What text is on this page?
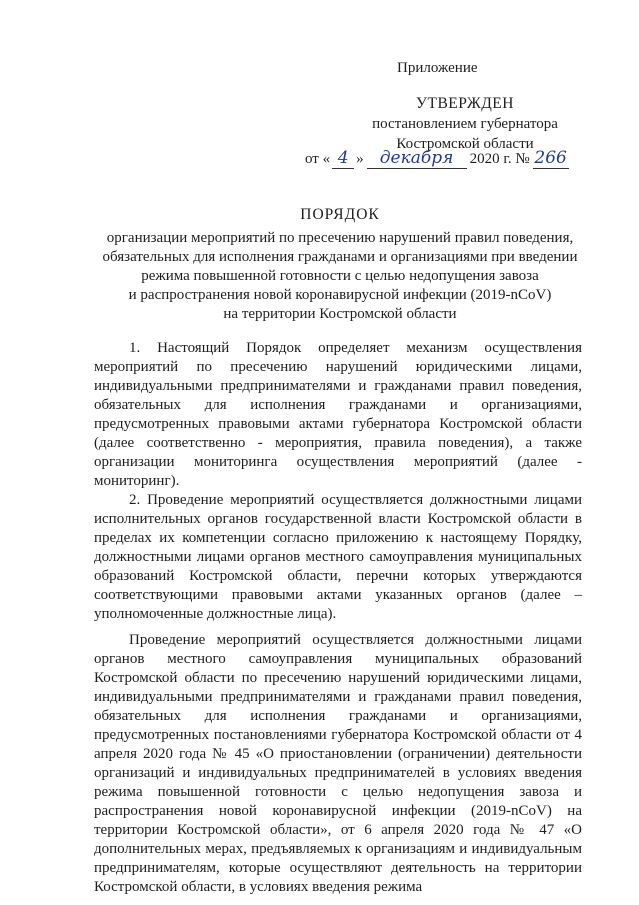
Приложение
УТВЕРЖДЕН
постановлением губернатора
Костромской области
от « 4 » декабря 2020 г. № 266
ПОРЯДОК
организации мероприятий по пресечению нарушений правил поведения,
обязательных для исполнения гражданами и организациями при введении
режима повышенной готовности с целью недопущения завоза
и распространения новой коронавирусной инфекции (2019-nCoV)
на территории Костромской области

1. Настоящий Порядок определяет механизм осуществления мероприятий по пресечению нарушений юридическими лицами, индивидуальными предпринимателями и гражданами правил поведения, обязательных для исполнения гражданами и организациями, предусмотренных правовыми актами губернатора Костромской области (далее соответственно - мероприятия, правила поведения), а также организации мониторинга осуществления мероприятий (далее - мониторинг).

2. Проведение мероприятий осуществляется должностными лицами исполнительных органов государственной власти Костромской области в пределах их компетенции согласно приложению к настоящему Порядку, должностными лицами органов местного самоуправления муниципальных образований Костромской области, перечни которых утверждаются соответствующими правовыми актами указанных органов (далее – уполномоченные должностные лица).

Проведение мероприятий осуществляется должностными лицами органов местного самоуправления муниципальных образований Костромской области по пресечению нарушений юридическими лицами, индивидуальными предпринимателями и гражданами правил поведения, обязательных для исполнения гражданами и организациями, предусмотренных постановлениями губернатора Костромской области от 4 апреля 2020 года № 45 «О приостановлении (ограничении) деятельности организаций и индивидуальных предпринимателей в условиях введения режима повышенной готовности с целью недопущения завоза и распространения новой коронавирусной инфекции (2019-nCoV) на территории Костромской области», от 6 апреля 2020 года № 47 «О дополнительных мерах, предъявляемых к организациям и индивидуальным предпринимателям, которые осуществляют деятельность на территории Костромской области, в условиях введения режима
